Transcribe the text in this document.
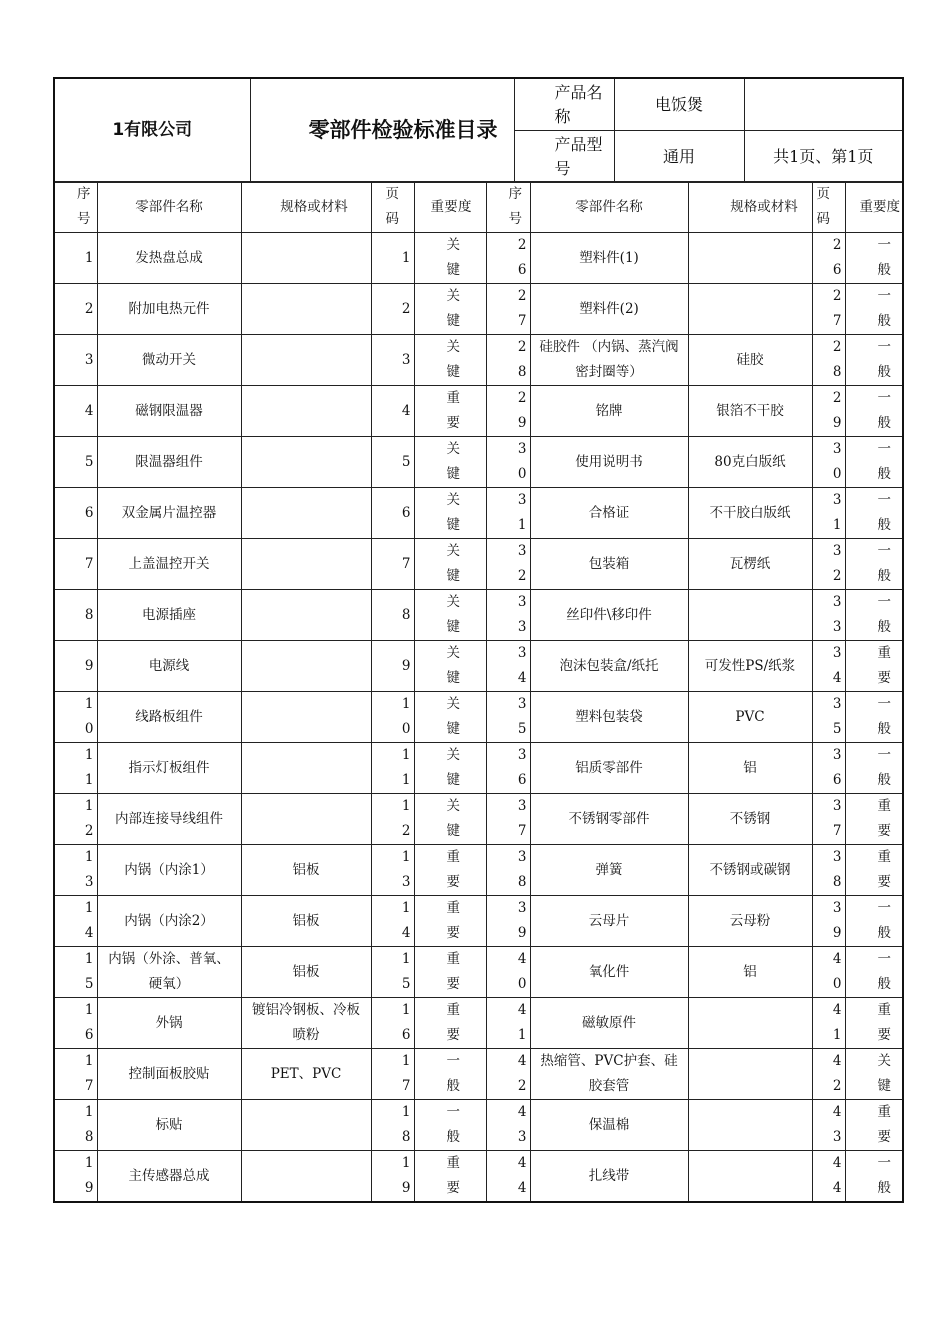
1有限公司	零部件检验标准目录	产品名称	电饭煲	
		产品型号	通用	共1页、第1页
序号	零部件名称	规格或材料	页码	重要度	序号	零部件名称	规格或材料	页码	重要度

1	发热盘总成		1	关键	26	塑料件(1)		26	一般

2	附加电热元件		2	关键	27	塑料件(2)		27	一般

3	微动开关		3	关键	28	硅胶件 （内锅、蒸汽阀密封圈等）	硅胶	28	一般

4	磁钢限温器		4	重要	29	铭牌	银箔不干胶	29	一般

5	限温器组件		5	关键	30	使用说明书	80克白版纸	30	一般

6	双金属片温控器		6	关键	31	合格证	不干胶白版纸	31	一般

7	上盖温控开关		7	关键	32	包装箱	瓦楞纸	32	一般

8	电源插座		8	关键	33	丝印件\移印件		33	一般

9	电源线		9	关键	34	泡沫包装盒/纸托	可发性PS/纸浆	34	重要

10	线路板组件		10	关键	35	塑料包装袋	PVC	35	一般

11	指示灯板组件		11	关键	36	铝质零部件	铝	36	一般

12	内部连接导线组件		12	关键	37	不锈钢零部件	不锈钢	37	重要

13	内锅（内涂1）	铝板	13	重要	38	弹簧	不锈钢或碳钢	38	重要

14	内锅（内涂2）	铝板	14	重要	39	云母片	云母粉	39	一般

15	内锅（外涂、普氧、硬氧）	铝板	15	重要	40	氧化件	铝	40	一般

16	外锅	镀铝冷钢板、冷板喷粉	16	重要	41	磁敏原件		41	重要

17	控制面板胶贴	PET、PVC	17	一般	42	热缩管、PVC护套、硅胶套管		42	关键

18	标贴		18	一般	43	保温棉		43	重要

19	主传感器总成		19	重要	44	扎线带		44	一般
